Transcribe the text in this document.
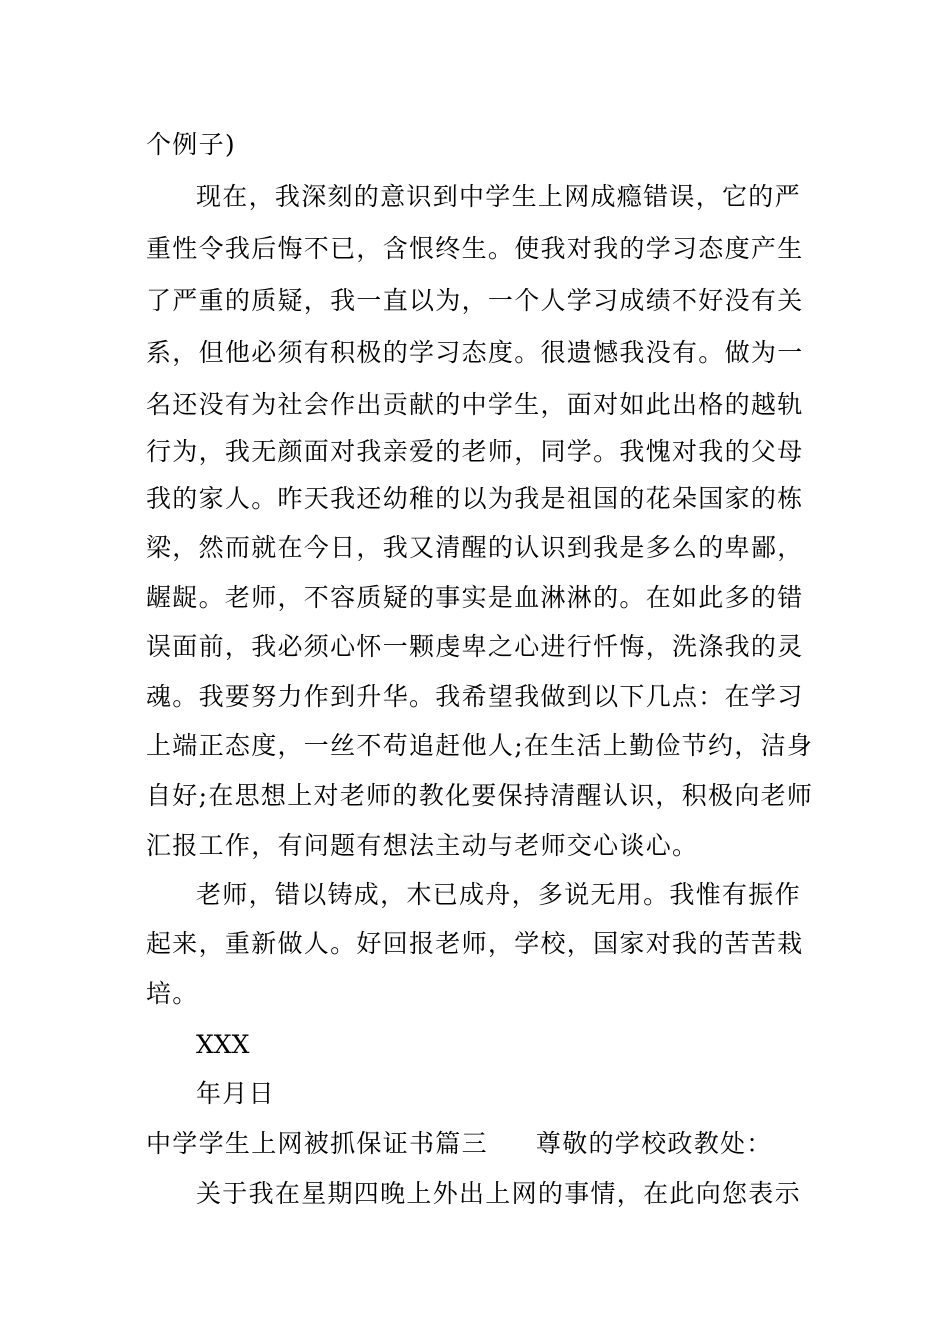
个例子)
现在，我深刻的意识到中学生上网成瘾错误，它的严
重性令我后悔不已，含恨终生。使我对我的学习态度产生
了严重的质疑，我一直以为，一个人学习成绩不好没有关
系，但他必须有积极的学习态度。很遗憾我没有。做为一
名还没有为社会作出贡献的中学生，面对如此出格的越轨
行为，我无颜面对我亲爱的老师，同学。我愧对我的父母
我的家人。昨天我还幼稚的以为我是祖国的花朵国家的栋
梁，然而就在今日，我又清醒的认识到我是多么的卑鄙，
龌龊。老师，不容质疑的事实是血淋淋的。在如此多的错
误面前，我必须心怀一颗虔卑之心进行忏悔，洗涤我的灵
魂。我要努力作到升华。我希望我做到以下几点：在学习
上端正态度，一丝不苟追赶他人;在生活上勤俭节约，洁身
自好;在思想上对老师的教化要保持清醒认识，积极向老师
汇报工作，有问题有想法主动与老师交心谈心。
老师，错以铸成，木已成舟，多说无用。我惟有振作
起来，重新做人。好回报老师，学校，国家对我的苦苦栽
培。
XXX
年月日
中学学生上网被抓保证书篇三 尊敬的学校政教处：
关于我在星期四晚上外出上网的事情，在此向您表示
